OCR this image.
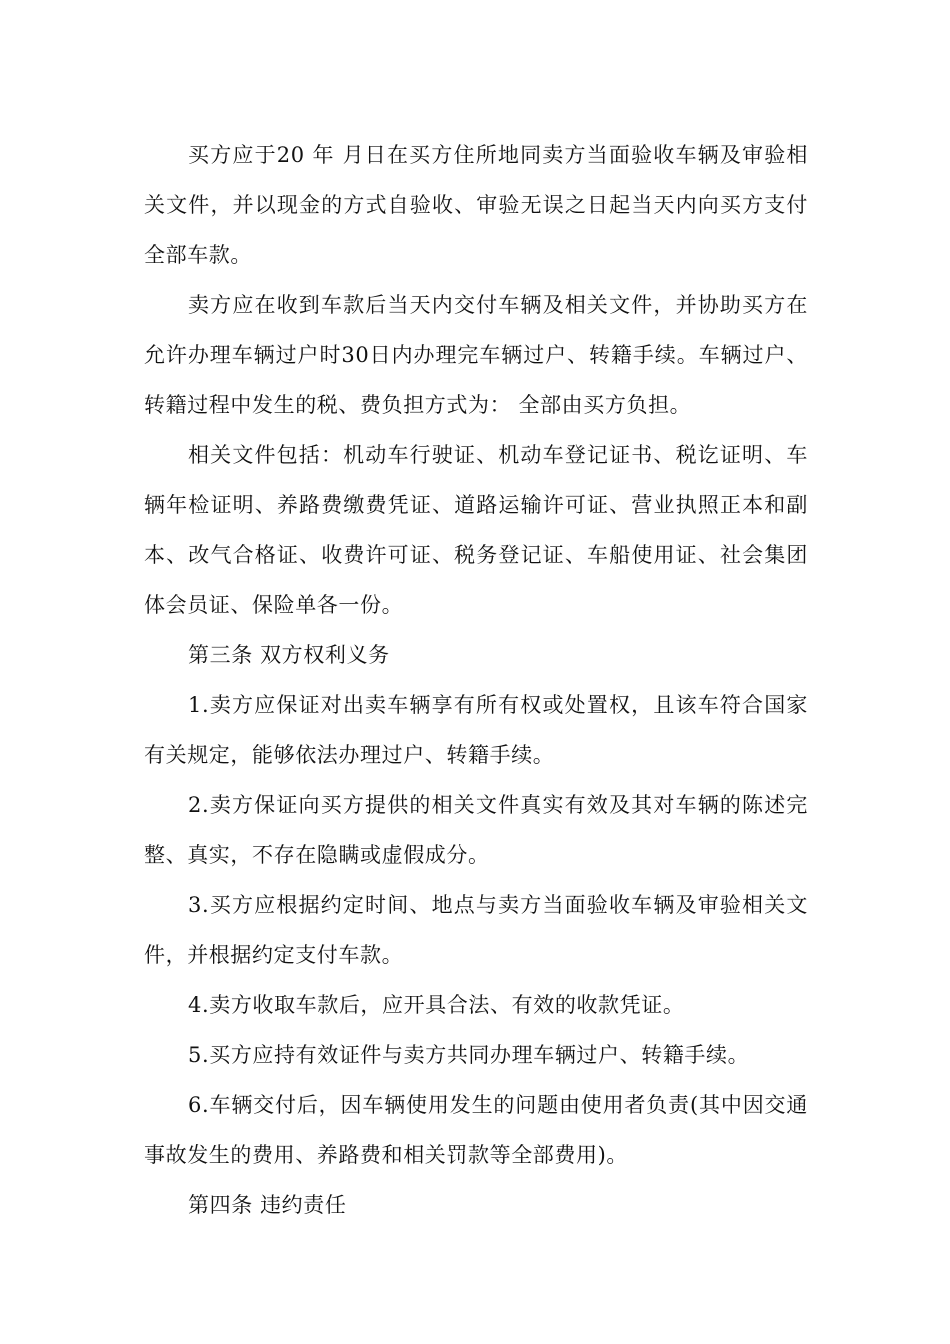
买方应于20 年 月日在买方住所地同卖方当面验收车辆及审验相关文件，并以现金的方式自验收、审验无误之日起当天内向买方支付全部车款。

卖方应在收到车款后当天内交付车辆及相关文件，并协助买方在允许办理车辆过户时30日内办理完车辆过户、转籍手续。车辆过户、转籍过程中发生的税、费负担方式为： 全部由买方负担。

相关文件包括：机动车行驶证、机动车登记证书、税讫证明、车辆年检证明、养路费缴费凭证、道路运输许可证、营业执照正本和副本、改气合格证、收费许可证、税务登记证、车船使用证、社会集团体会员证、保险单各一份。

第三条 双方权利义务

1.卖方应保证对出卖车辆享有所有权或处置权，且该车符合国家有关规定，能够依法办理过户、转籍手续。

2.卖方保证向买方提供的相关文件真实有效及其对车辆的陈述完整、真实，不存在隐瞒或虚假成分。

3.买方应根据约定时间、地点与卖方当面验收车辆及审验相关文件，并根据约定支付车款。

4.卖方收取车款后，应开具合法、有效的收款凭证。

5.买方应持有效证件与卖方共同办理车辆过户、转籍手续。

6.车辆交付后，因车辆使用发生的问题由使用者负责(其中因交通事故发生的费用、养路费和相关罚款等全部费用)。

第四条 违约责任
